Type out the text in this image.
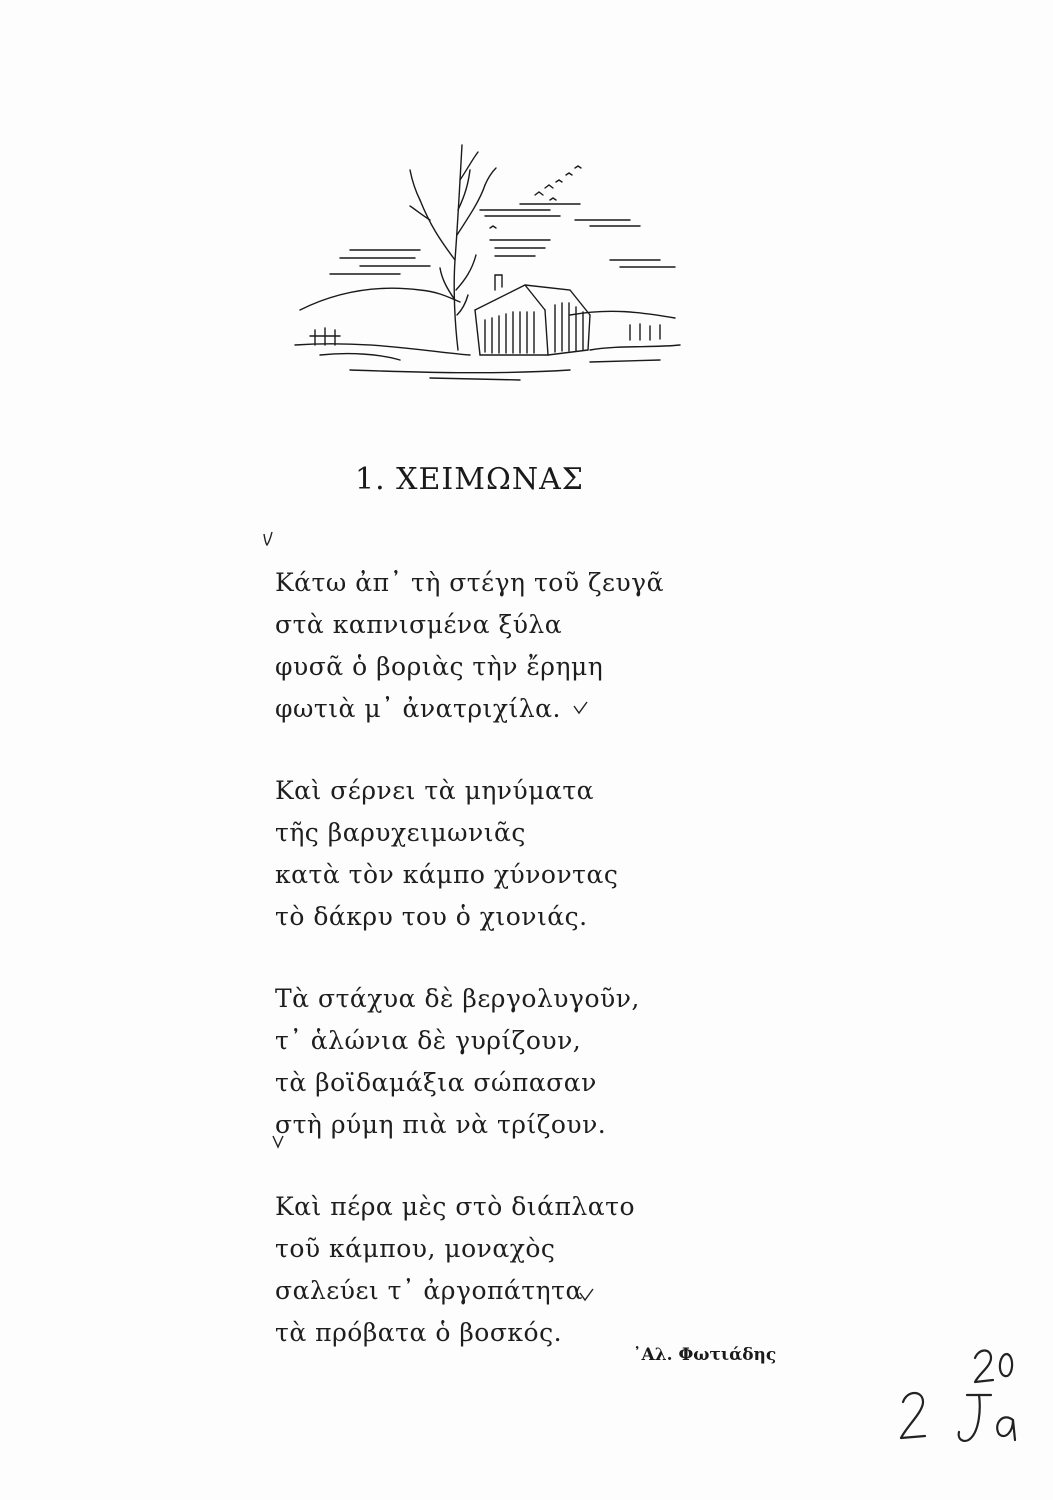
1. ΧΕΙΜΩΝΑΣ
Κάτω ἀπ᾽ τὴ στέγη τοῦ ζευγᾶ
στὰ καπνισμένα ξύλα
φυσᾶ ὁ βοριὰς τὴν ἔρημη
φωτιὰ μ᾽ ἀνατριχίλα.
Καὶ σέρνει τὰ μηνύματα
τῆς βαρυχειμωνιᾶς
κατὰ τὸν κάμπο χύνοντας
τὸ δάκρυ του ὁ χιονιάς.
Τὰ στάχυα δὲ βεργολυγοῦν,
τ᾽ ἁλώνια δὲ γυρίζουν,
τὰ βοϊδαμάξια σώπασαν
στὴ ρύμη πιὰ νὰ τρίζουν.
Καὶ πέρα μὲς στὸ διάπλατο
τοῦ κάμπου, μοναχὸς
σαλεύει τ᾽ ἀργοπάτητα
τὰ πρόβατα ὁ βοσκός.
᾽Αλ. Φωτιάδης
